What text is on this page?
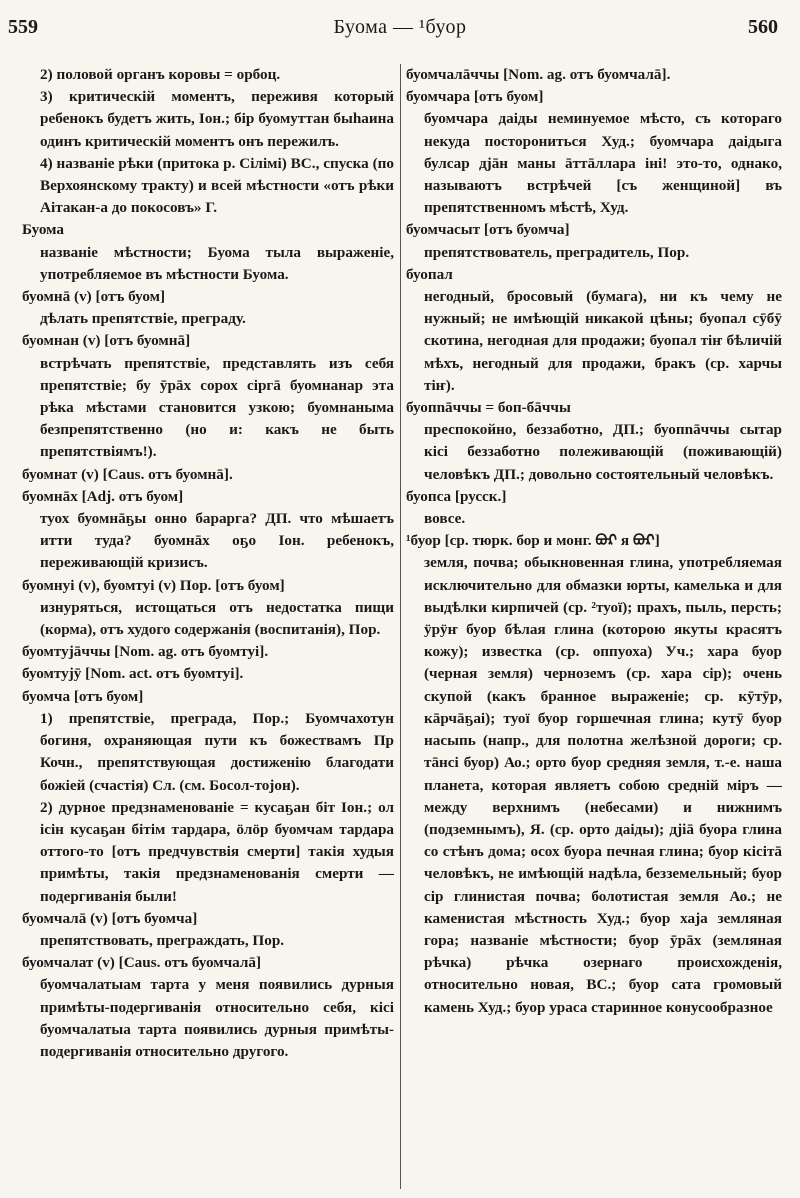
559	Буома — ¹буор	560

2) половой органъ коровы = орбоц.

3) критическій моментъ, переживя который ребенокъ будетъ жить, Іон.; бір буомуттан быhаина одинъ критическій моментъ онъ пережилъ.

4) названіе рѣки (притока р. Сілімі) ВС., спуска (по Верхоянскому тракту) и всей мѣстности «отъ рѣки Аітакан-а до покосовъ» Г.

Буома

названіе мѣстности; Буома тыла выраженіе, употребляемое въ мѣстности Буома.

буомнā (v) [отъ буом]

дѣлать препятствіе, преграду.

буомнан (v) [отъ буомнā]

встрѣчать препятствіе, представлять изъ себя препятствіе; бу ӯрāх сорох сіргā буомнанар эта рѣка мѣстами становится узкою; буомнаныма безпрепятственно (но и: какъ не быть препятствіямъ!).

буомнат (v) [Caus. отъ буомнā].

буомнāх [Adj. отъ буом]

туох буомнāҕы онно баpарга? ДП. что мѣшаетъ итти туда? буомнāх оҕо Іон. ребенокъ, переживающій кризисъ.

буомнуі (v), буомтуі (v) Пор. [отъ буом]

изнуряться, истощаться отъ недостатка пищи (корма), отъ худого содержанія (воспитанія), Пор.

буомтуjāччы [Nom. ag. отъ буомтуі].

буомтуjӯ [Nom. act. отъ буомтуі].

буомча [отъ буом]

1) препятствіе, преграда, Пор.; Буомчахотун богиня, охраняющая пути къ божествамъ Пр Кочн., препятствующая достиженію благодати божіей (счастія) Сл. (см. Босол-тојон).

2) дурное предзнаменованіе = кусаҕан біт Іон.; ол ісін кусаҕан бітім тардара, öлöр буомчам тардара оттого-то [отъ предчувствія смерти] такія худыя примѣты, такія предзнаменованія смерти — подергиванія были!

буомчалā (v) [отъ буомча]

препятствовать, преграждать, Пор.

буомчалат (v) [Caus. отъ буомчалā]

буомчалатыам тарта у меня появились дурныя примѣты-подергиванія относительно себя, кісі буомчалатыа тарта появились дурныя примѣты-подергиванія относительно другого.

буомчалāччы [Nom. ag. отъ буомчалā].

буомчара [отъ буом]

буомчара даіды неминуемое мѣсто, съ котораго некуда посторониться Худ.; буомчара даідыга булсар дjāн маны āттāллара іні! это-то, однако, называютъ встрѣчей [съ женщиной] въ препятственномъ мѣстѣ, Худ.

буомчасыт [отъ буомча]

препятствователь, преградитель, Пор.

буопал

негодный, бросовый (бумага), ни къ чему не нужный; не имѣющій никакой цѣны; буопал сӯбӯ скотина, негодная для продажи; буопал тіҥ бѣличій мѣхъ, негодный для продажи, бракъ (ср. харчы тіҥ).

буопnāччы = боп-бāччы

преспокойно, беззаботно, ДП.; буопnāччы сытар кісі беззаботно полеживающій (поживающій) человѣкъ ДП.; довольно состоятельный человѣкъ.

буопса [русск.]

вовсе.

¹буор [ср. тюрк. бор и монг. ᠪᠤᠷ я ᠪᠤᠷ]

земля, почва; обыкновенная глина, употребляемая исключительно для обмазки юрты, камелька и для выдѣлки кирпичей (ср. ²туої); прахъ, пыль, персть; ӱрӱҥ буор бѣлая глина (которою якуты красятъ кожу); известка (ср. оппуоха) Уч.; хара буор (черная земля) черноземъ (ср. хара сір); очень скупой (какъ бранное выраженіе; ср. кӯтӯр, кāрчāҕаі); туої буор горшечная глина; кутӯ буор насыпь (напр., для полотна желѣзной дороги; ср. тāнсі буор) Ао.; орто буор средняя земля, т.-е. наша планета, которая являетъ собою средній міръ — между верхнимъ (небесами) и нижнимъ (подземнымъ), Я. (ср. орто даіды); дjiā буора глина со стѣнъ дома; осох буора печная глина; буор кісітā человѣкъ, не имѣющій надѣла, безземельный; буор сір глинистая почва; болотистая земля Ао.; не каменистая мѣстность Худ.; буор хаjа земляная гора; названіе мѣстности; буор ӯрāх (земляная рѣчка) рѣчка озернаго происхожденія, относительно новая, ВС.; буор сата громовый камень Худ.; буор ураса старинное конусообразное
